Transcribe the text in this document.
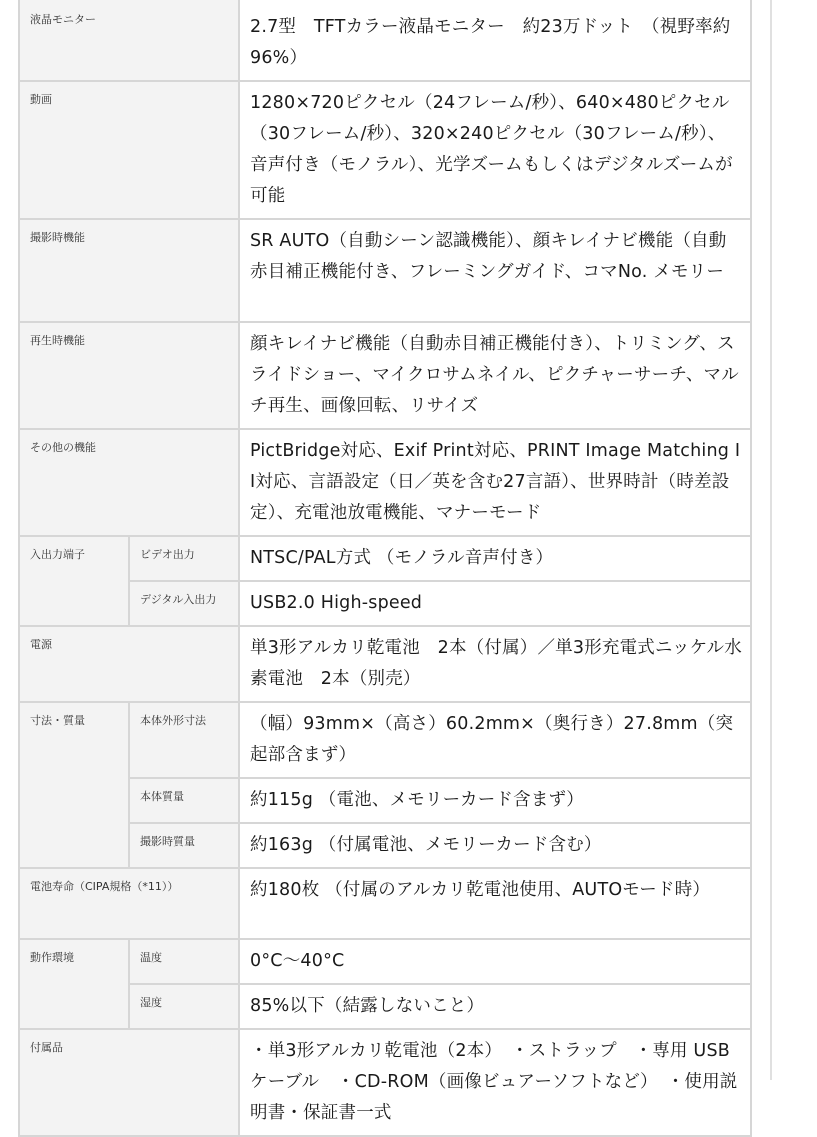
液晶モニター		2.7型　TFTカラー液晶モニター　約23万ドット　（視野率約 96%）
動画		1280×720ピクセル（24フレーム/秒）、640×480ピクセル（30フレーム/秒）、320×240ピクセル（30フレーム/秒）、音声付き（モノラル）、光学ズームもしくはデジタルズームが可能
撮影時機能		SR AUTO（自動シーン認識機能）、顔キレイナビ機能（自動赤目補正機能付き、フレーミングガイド、コマNo. メモリー
再生時機能		顔キレイナビ機能（自動赤目補正機能付き）、トリミング、スライドショー、マイクロサムネイル、ピクチャーサーチ、マルチ再生、画像回転、リサイズ
その他の機能		PictBridge対応、Exif Print対応、PRINT Image Matching II対応、言語設定（日／英を含む27言語）、世界時計（時差設定）、充電池放電機能、マナーモード
入出力端子	ビデオ出力	NTSC/PAL方式 （モノラル音声付き）
	デジタル入出力	USB2.0 High-speed
電源		単3形アルカリ乾電池　2本（付属）／単3形充電式ニッケル水素電池　2本（別売）
寸法・質量	本体外形寸法	（幅）93mm×（高さ）60.2mm×（奥行き）27.8mm（突起部含まず）
	本体質量	約115g （電池、メモリーカード含まず）
	撮影時質量	約163g （付属電池、メモリーカード含む）
電池寿命（CIPA規格（*11））		約180枚 （付属のアルカリ乾電池使用、AUTOモード時）
動作環境	温度	0°C〜40°C
	湿度	85%以下（結露しないこと）
付属品		・単3形アルカリ乾電池（2本）　・ストラップ　・専用 USBケーブル　・CD-ROM（画像ビュアーソフトなど）　・使用説明書・保証書一式
